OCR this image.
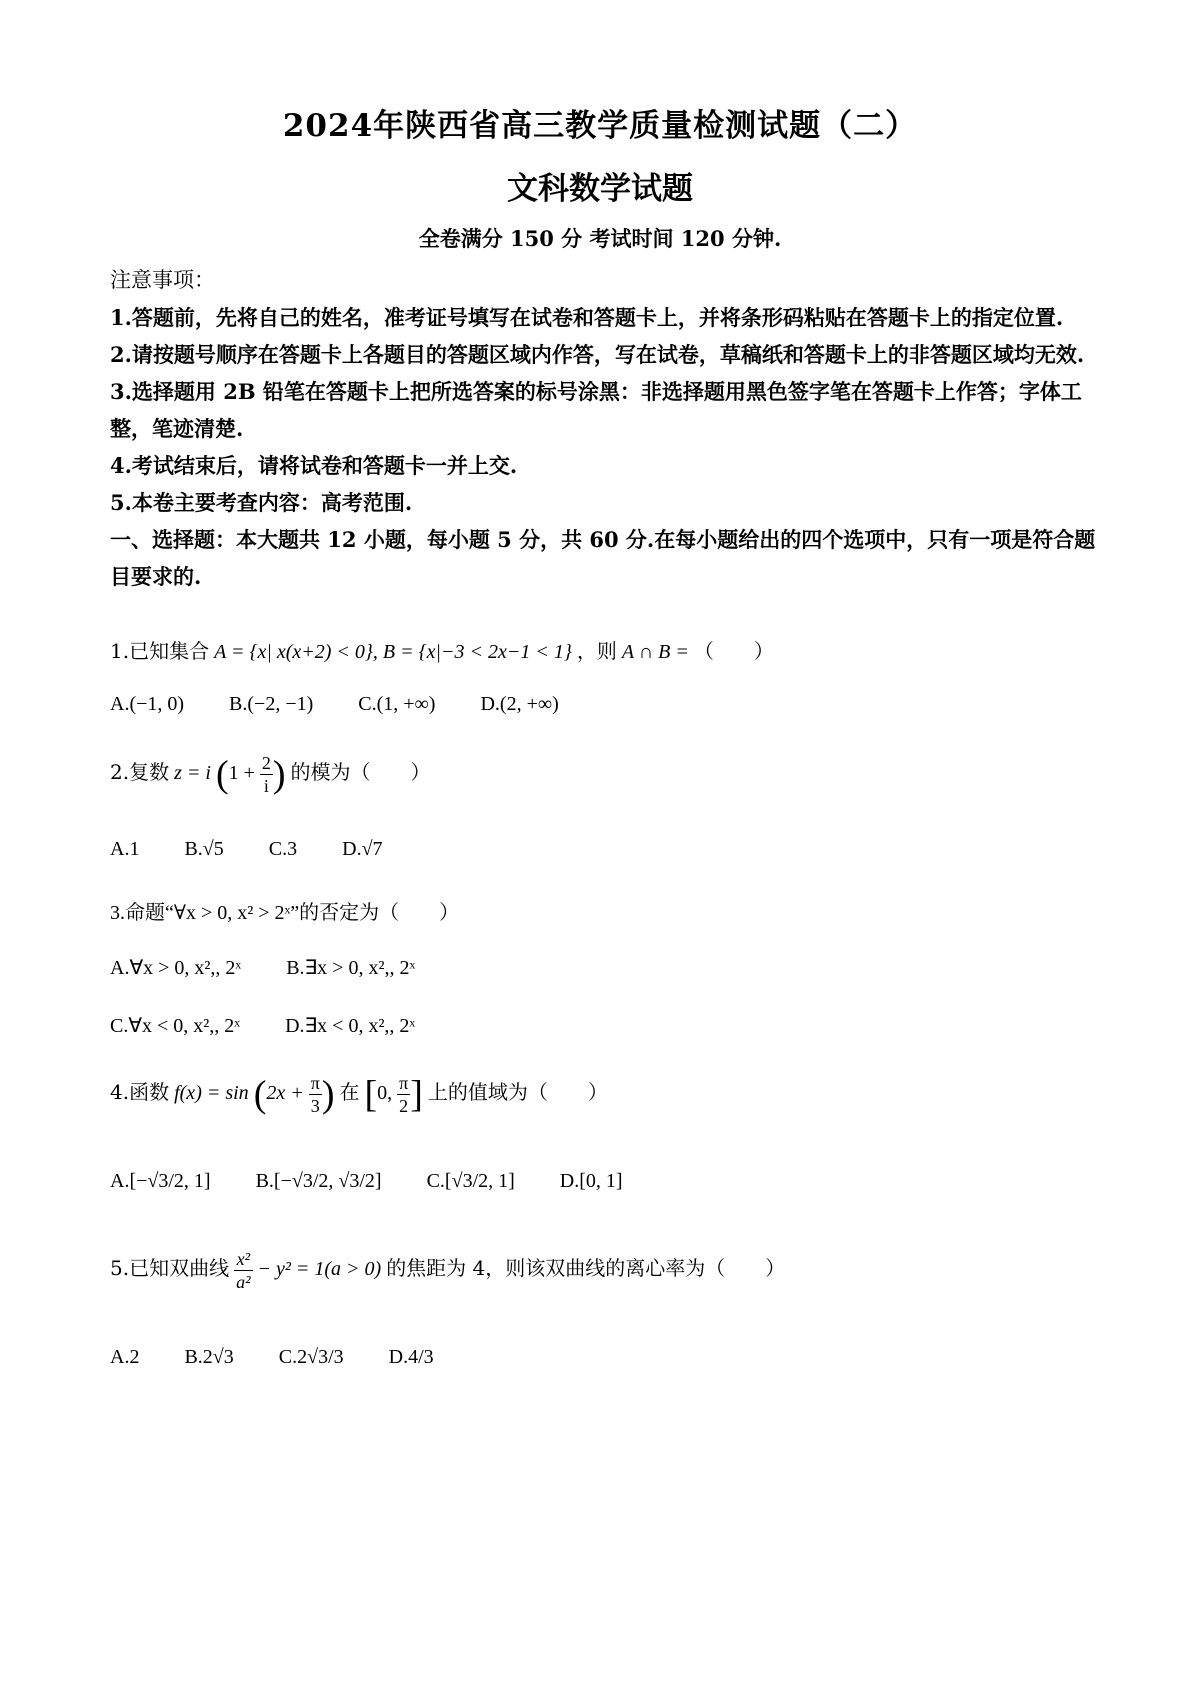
2024年陕西省高三教学质量检测试题（二）
文科数学试题
全卷满分 150 分 考试时间 120 分钟.

注意事项：

1.答题前，先将自己的姓名，准考证号填写在试卷和答题卡上，并将条形码粘贴在答题卡上的指定位置.

2.请按题号顺序在答题卡上各题目的答题区域内作答，写在试卷，草稿纸和答题卡上的非答题区域均无效.

3.选择题用 2B 铅笔在答题卡上把所选答案的标号涂黑：非选择题用黑色签字笔在答题卡上作答；字体工整，笔迹清楚.

4.考试结束后，请将试卷和答题卡一并上交.

5.本卷主要考查内容：高考范围.

一、选择题：本大题共 12 小题，每小题 5 分，共 60 分.在每小题给出的四个选项中，只有一项是符合题目要求的.

1.已知集合 A = {x| x(x+2) < 0}, B = {x|−3 < 2x−1 < 1} ，则 A ∩ B = （　　）
A.(−1, 0) B.(−2, −1) C.(1, +∞) D.(2, +∞)
2.复数 z = i ($1 + \frac{2}{i}$ ) 的模为（　　）
A.1 B.√5 C.3 D.√7
3.命题“∀x > 0, x² > 2ˣ”的否定为（　　）
A.∀x > 0, x²,, 2ˣ B.∃x > 0, x²,, 2ˣ
C.∀x < 0, x²,, 2ˣ D.∃x < 0, x²,, 2ˣ
4.函数 $f(x) = \sin (2x + \frac{\pi}{3}$ ) 在 [0, $\frac{\pi}{2}$ ] 上的值域为（　　）
A.[−√3/2, 1] B.[−√3/2, √3/2] C.[√3/2, 1] D.[0, 1]
5.已知双曲线 $\frac{\text{x²}}{\text{a²}} - y^2 = 1(a > 0)$ 的焦距为 4，则该双曲线的离心率为（　　）
A.2 B.2√3 C.2√3/3 D.4/3
